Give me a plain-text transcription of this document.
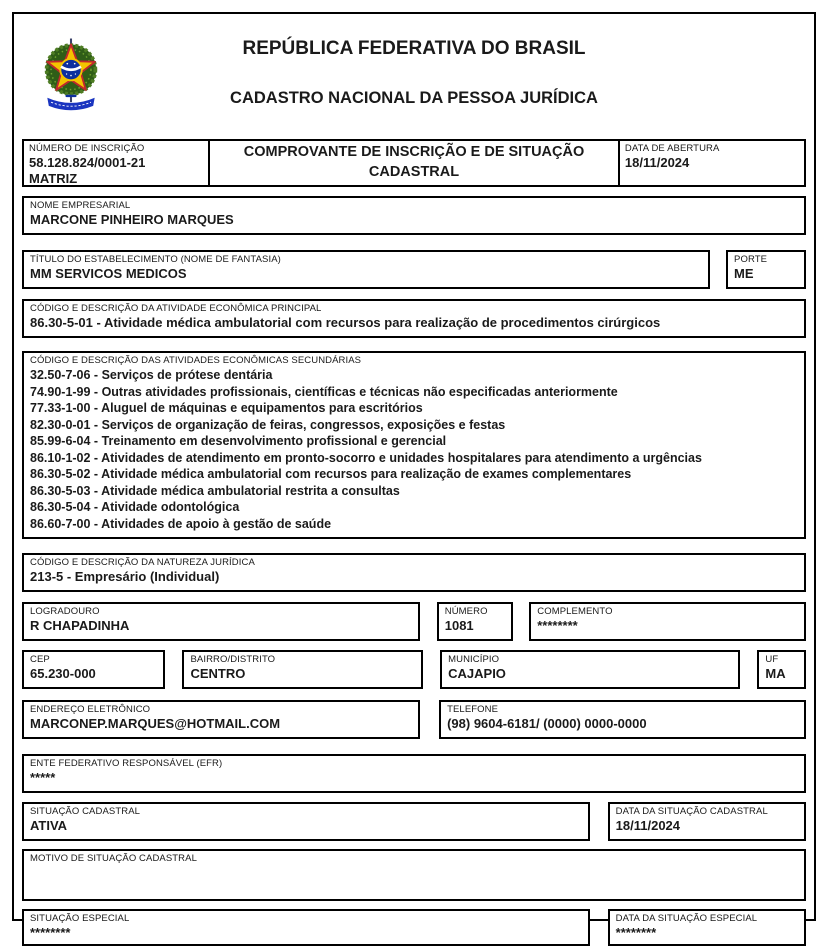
REPÚBLICA FEDERATIVA DO BRASIL
CADASTRO NACIONAL DA PESSOA JURÍDICA
NÚMERO DE INSCRIÇÃO
58.128.824/0001-21
MATRIZ
COMPROVANTE DE INSCRIÇÃO E DE SITUAÇÃO CADASTRAL
DATA DE ABERTURA
18/11/2024
NOME EMPRESARIAL
MARCONE PINHEIRO MARQUES
TÍTULO DO ESTABELECIMENTO (NOME DE FANTASIA)
MM SERVICOS MEDICOS
PORTE
ME
CÓDIGO E DESCRIÇÃO DA ATIVIDADE ECONÔMICA PRINCIPAL
86.30-5-01 - Atividade médica ambulatorial com recursos para realização de procedimentos cirúrgicos
CÓDIGO E DESCRIÇÃO DAS ATIVIDADES ECONÔMICAS SECUNDÁRIAS
32.50-7-06 - Serviços de prótese dentária
74.90-1-99 - Outras atividades profissionais, científicas e técnicas não especificadas anteriormente
77.33-1-00 - Aluguel de máquinas e equipamentos para escritórios
82.30-0-01 - Serviços de organização de feiras, congressos, exposições e festas
85.99-6-04 - Treinamento em desenvolvimento profissional e gerencial
86.10-1-02 - Atividades de atendimento em pronto-socorro e unidades hospitalares para atendimento a urgências
86.30-5-02 - Atividade médica ambulatorial com recursos para realização de exames complementares
86.30-5-03 - Atividade médica ambulatorial restrita a consultas
86.30-5-04 - Atividade odontológica
86.60-7-00 - Atividades de apoio à gestão de saúde
CÓDIGO E DESCRIÇÃO DA NATUREZA JURÍDICA
213-5 - Empresário (Individual)
LOGRADOURO
R CHAPADINHA
NÚMERO
1081
COMPLEMENTO
********
CEP
65.230-000
BAIRRO/DISTRITO
CENTRO
MUNICÍPIO
CAJAPIO
UF
MA
ENDEREÇO ELETRÔNICO
MARCONEP.MARQUES@HOTMAIL.COM
TELEFONE
(98) 9604-6181/ (0000) 0000-0000
ENTE FEDERATIVO RESPONSÁVEL (EFR)
*****
SITUAÇÃO CADASTRAL
ATIVA
DATA DA SITUAÇÃO CADASTRAL
18/11/2024
MOTIVO DE SITUAÇÃO CADASTRAL
SITUAÇÃO ESPECIAL
********
DATA DA SITUAÇÃO ESPECIAL
********
